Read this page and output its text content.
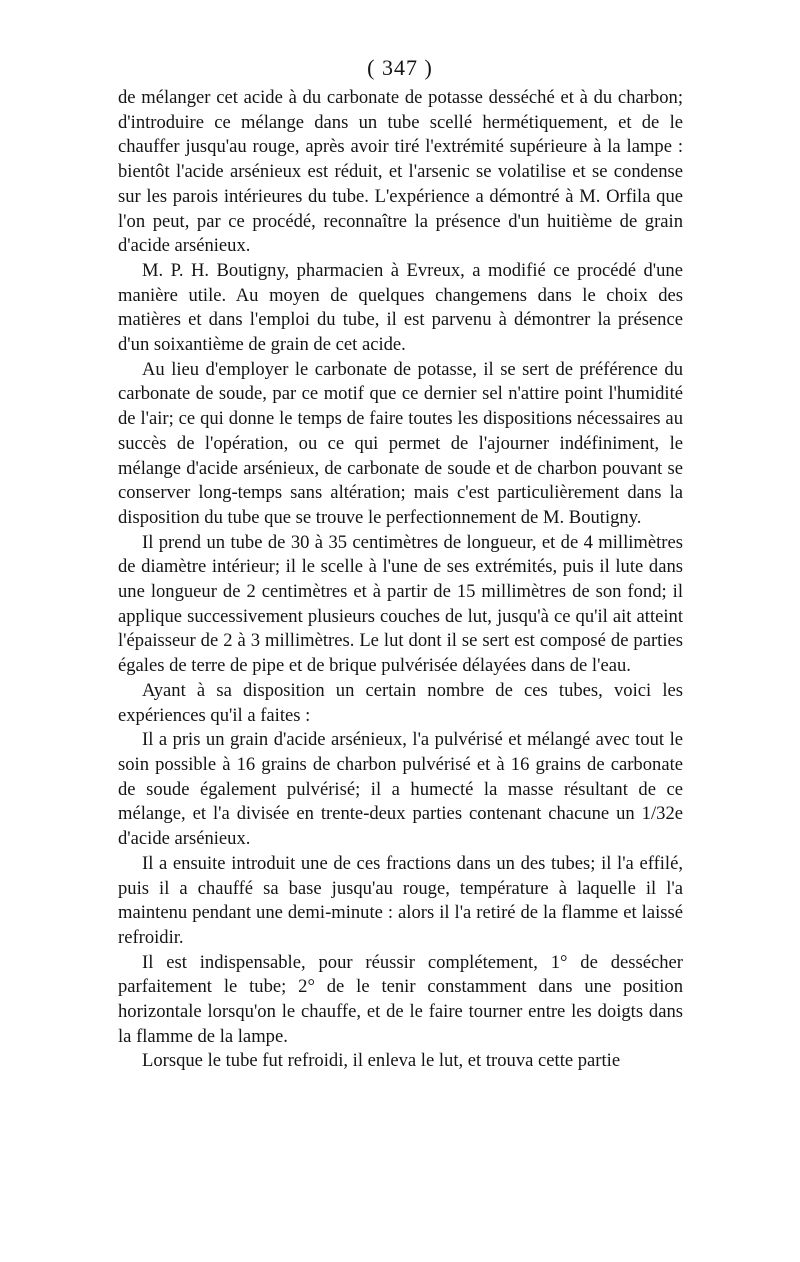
( 347 )

de mélanger cet acide à du carbonate de potasse desséché et à du charbon; d'introduire ce mélange dans un tube scellé hermétiquement, et de le chauffer jusqu'au rouge, après avoir tiré l'extrémité supérieure à la lampe : bientôt l'acide arsénieux est réduit, et l'arsenic se volatilise et se condense sur les parois intérieures du tube. L'expérience a démontré à M. Orfila que l'on peut, par ce procédé, reconnaître la présence d'un huitième de grain d'acide arsénieux.

M. P. H. Boutigny, pharmacien à Evreux, a modifié ce procédé d'une manière utile. Au moyen de quelques changemens dans le choix des matières et dans l'emploi du tube, il est parvenu à démontrer la présence d'un soixantième de grain de cet acide.

Au lieu d'employer le carbonate de potasse, il se sert de préférence du carbonate de soude, par ce motif que ce dernier sel n'attire point l'humidité de l'air; ce qui donne le temps de faire toutes les dispositions nécessaires au succès de l'opération, ou ce qui permet de l'ajourner indéfiniment, le mélange d'acide arsénieux, de carbonate de soude et de charbon pouvant se conserver long-temps sans altération; mais c'est particulièrement dans la disposition du tube que se trouve le perfectionnement de M. Boutigny.

Il prend un tube de 30 à 35 centimètres de longueur, et de 4 millimètres de diamètre intérieur; il le scelle à l'une de ses extrémités, puis il lute dans une longueur de 2 centimètres et à partir de 15 millimètres de son fond; il applique successivement plusieurs couches de lut, jusqu'à ce qu'il ait atteint l'épaisseur de 2 à 3 millimètres. Le lut dont il se sert est composé de parties égales de terre de pipe et de brique pulvérisée délayées dans de l'eau.

Ayant à sa disposition un certain nombre de ces tubes, voici les expériences qu'il a faites :

Il a pris un grain d'acide arsénieux, l'a pulvérisé et mélangé avec tout le soin possible à 16 grains de charbon pulvérisé et à 16 grains de carbonate de soude également pulvérisé; il a humecté la masse résultant de ce mélange, et l'a divisée en trente-deux parties contenant chacune un 1/32e d'acide arsénieux.

Il a ensuite introduit une de ces fractions dans un des tubes; il l'a effilé, puis il a chauffé sa base jusqu'au rouge, température à laquelle il l'a maintenu pendant une demi-minute : alors il l'a retiré de la flamme et laissé refroidir.

Il est indispensable, pour réussir complétement, 1° de dessécher parfaitement le tube; 2° de le tenir constamment dans une position horizontale lorsqu'on le chauffe, et de le faire tourner entre les doigts dans la flamme de la lampe.

Lorsque le tube fut refroidi, il enleva le lut, et trouva cette partie
